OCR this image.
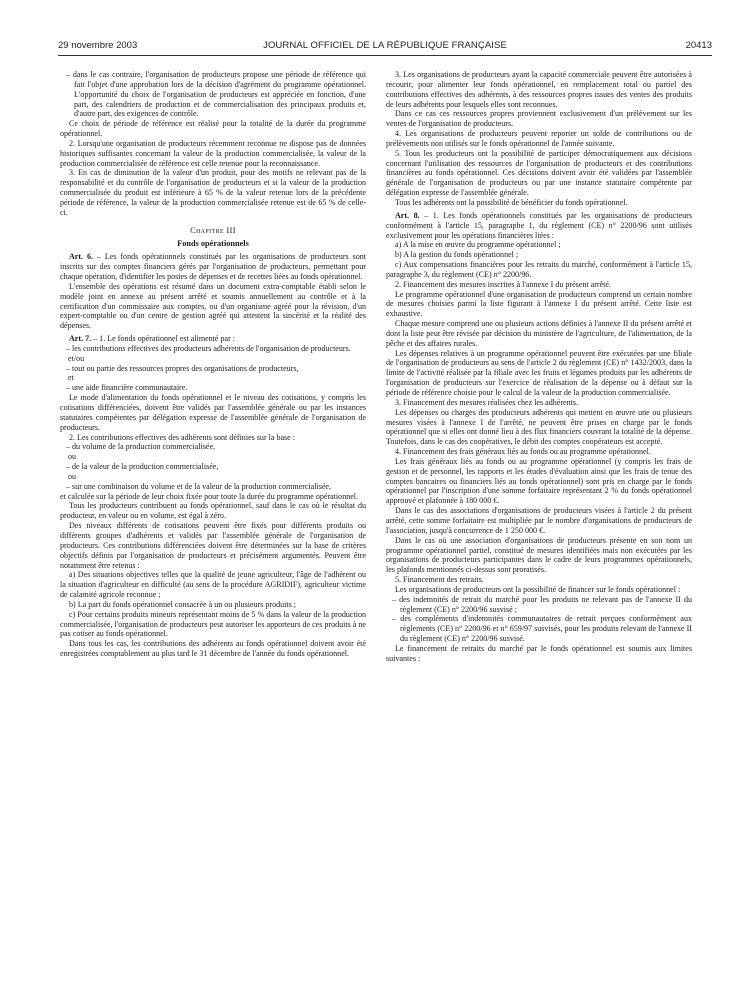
29 novembre 2003	JOURNAL OFFICIEL DE LA RÉPUBLIQUE FRANÇAISE	20413

– dans le cas contraire, l'organisation de producteurs propose une période de référence qui fait l'objet d'une approbation lors de la décision d'agrément du programme opérationnel. L'opportunité du choix de l'organisation de producteurs est appréciée en fonction, d'une part, des calendriers de production et de commercialisation des principaux produits et, d'autre part, des exigences de contrôle.

Ce choix de période de référence est réalisé pour la totalité de la durée du programme opérationnel.

2. Lorsqu'une organisation de producteurs récemment reconnue ne dispose pas de données historiques suffisantes concernant la valeur de la production commercialisée, la valeur de la production commercialisée de référence est celle retenue pour la reconnaissance.

3. En cas de diminution de la valeur d'un produit, pour des motifs ne relevant pas de la responsabilité et du contrôle de l'organisation de producteurs et si la valeur de la production commercialisée du produit est inférieure à 65 % de la valeur retenue lors de la précédente période de référence, la valeur de la production commercialisée retenue est de 65 % de celle-ci.

Chapitre III
Fonds opérationnels

Art. 6. – Les fonds opérationnels constitués par les organisations de producteurs sont inscrits sur des comptes financiers gérés par l'organisation de producteurs, permettant pour chaque opération, d'identifier les postes de dépenses et de recettes liées au fonds opérationnel.

L'ensemble des opérations est résumé dans un document extra-comptable établi selon le modèle joint en annexe au présent arrêté et soumis annuellement au contrôle et à la certification d'un commissaire aux comptes, ou d'un organisme agréé pour la révision, d'un expert-comptable ou d'un centre de gestion agréé qui attestent la sincérité et la réalité des dépenses.

Art. 7. – 1. Le fonds opérationnel est alimenté par :

– les contributions effectives des producteurs adhérents de l'organisation de producteurs.

et/ou

– tout ou partie des ressources propres des organisations de producteurs,

et

– une aide financière communautaire.

Le mode d'alimentation du fonds opérationnel et le niveau des cotisations, y compris les cotisations différenciées, doivent être validés par l'assemblée générale ou par les instances statutaires compétentes par délégation expresse de l'assemblée générale de l'organisation de producteurs.

2. Les contributions effectives des adhérents sont définies sur la base :

– du volume de la production commercialisée,

ou

– de la valeur de la production commercialisée,

ou

– sur une combinaison du volume et de la valeur de la production commercialisée,

et calculée sur la période de leur choix fixée pour toute la durée du programme opérationnel.

Tous les producteurs contribuent au fonds opérationnel, sauf dans le cas où le résultat du producteur, en valeur ou en volume, est égal à zéro.

Des niveaux différents de cotisations peuvent être fixés pour différents produits ou différents groupes d'adhérents et validés par l'assemblée générale de l'organisation de producteurs. Ces contributions différenciées doivent être déterminées sur la base de critères objectifs définis par l'organisation de producteurs et précisément argumentés. Peuvent être notamment être retenus :

a) Des situations objectives telles que la qualité de jeune agriculteur, l'âge de l'adhérent ou la situation d'agriculteur en difficulté (au sens de la procédure AGRIDIF), agriculteur victime de calamité agricole reconnue ;

b) La part du fonds opérationnel consacrée à un ou plusieurs produits ;

c) Pour certains produits mineurs représentant moins de 5 % dans la valeur de la production commercialisée, l'organisation de producteurs peut autoriser les apporteurs de ces produits à ne pas cotiser au fonds opérationnel.

Dans tous les cas, les contributions des adhérents au fonds opérationnel doivent avoir été enregistrées comptablement au plus tard le 31 décembre de l'année du fonds opérationnel.

3. Les organisations de producteurs ayant la capacité commerciale peuvent être autorisées à recourir, pour alimenter leur fonds opérationnel, en remplacement total ou partiel des contributions effectives des adhérents, à des ressources propres issues des ventes des produits de leurs adhérents pour lesquels elles sont reconnues.

Dans ce cas ces ressources propres proviennent exclusivement d'un prélèvement sur les ventes de l'organisation de producteurs.

4. Les organisations de producteurs peuvent reporter un solde de contributions ou de prélèvements non utilisés sur le fonds opérationnel de l'année suivante.

5. Tous les producteurs ont la possibilité de participer démocratiquement aux décisions concernant l'utilisation des ressources de l'organisation de producteurs et des contributions financières au fonds opérationnel. Ces décisions doivent avoir été validées par l'assemblée générale de l'organisation de producteurs ou par une instance statutaire compétente par délégation expresse de l'assemblée générale.

Tous les adhérents ont la possibilité de bénéficier du fonds opérationnel.

Art. 8. – 1. Les fonds opérationnels constitués par les organisations de producteurs conformément à l'article 15, paragraphe 1, du règlement (CE) n° 2200/96 sont utilisés exclusivement pour les opérations financières liées :

a) A la mise en œuvre du programme opérationnel ;

b) A la gestion du fonds opérationnel ;

c) Aux compensations financières pour les retraits du marché, conformément à l'article 15, paragraphe 3, du règlement (CE) n° 2200/96.

2. Financement des mesures inscrites à l'annexe I du présent arrêté.

Le programme opérationnel d'une organisation de producteurs comprend un certain nombre de mesures choisies parmi la liste figurant à l'annexe I du présent arrêté. Cette liste est exhaustive.

Chaque mesure comprend une ou plusieurs actions définies à l'annexe II du présent arrêté et dont la liste peut être révisée par décision du ministère de l'agriculture, de l'alimentation, de la pêche et des affaires rurales.

Les dépenses relatives à un programme opérationnel peuvent être exécutées par une filiale de l'organisation de producteurs au sens de l'article 2 du règlement (CE) n° 1432/2003, dans la limite de l'activité réalisée par la filiale avec les fruits et légumes produits par les adhérents de l'organisation de producteurs sur l'exercice de réalisation de la dépense ou à défaut sur la période de référence choisie pour le calcul de la valeur de la production commercialisée.

3. Financement des mesures réalisées chez les adhérents.

Les dépenses ou charges des producteurs adhérents qui mettent en œuvre une ou plusieurs mesures visées à l'annexe I de l'arrêté, ne peuvent être prises en charge par le fonds opérationnel que si elles ont donné lieu à des flux financiers couvrant la totalité de la dépense. Toutefois, dans le cas des coopératives, le débit des comptes coopérateurs est accepté.

4. Financement des frais généraux liés au fonds ou au programme opérationnel.

Les frais généraux liés au fonds ou au programme opérationnel (y compris les frais de gestion et de personnel, les rapports et les études d'évaluation ainsi que les frais de tenue des comptes bancaires ou financiers liés au fonds opérationnel) sont pris en charge par le fonds opérationnel par l'inscription d'une somme forfaitaire représentant 2 % du fonds opérationnel approuvé et plafonnée à 180 000 €.

Dans le cas des associations d'organisations de producteurs visées à l'article 2 du présent arrêté, cette somme forfaitaire est multipliée par le nombre d'organisations de producteurs de l'association, jusqu'à concurrence de 1 250 000 €.

Dans le cas où une association d'organisations de producteurs présente en son nom un programme opérationnel partiel, constitué de mesures identifiées mais non exécutées par les organisations de producteurs participantes dans le cadre de leurs programmes opérationnels, les plafonds mentionnés ci-dessus sont proratisés.

5. Financement des retraits.

Les organisations de producteurs ont la possibilité de financer sur le fonds opérationnel :

– des indemnités de retrait du marché pour les produits ne relevant pas de l'annexe II du règlement (CE) n° 2200/96 susvisé ;

– des compléments d'indemnités communautaires de retrait perçues conformément aux règlements (CE) n° 2200/96 et n° 659/97 susvisés, pour les produits relevant de l'annexe II du règlement (CE) n° 2200/96 susvisé.

Le financement de retraits du marché par le fonds opérationnel est soumis aux limites suivantes :
